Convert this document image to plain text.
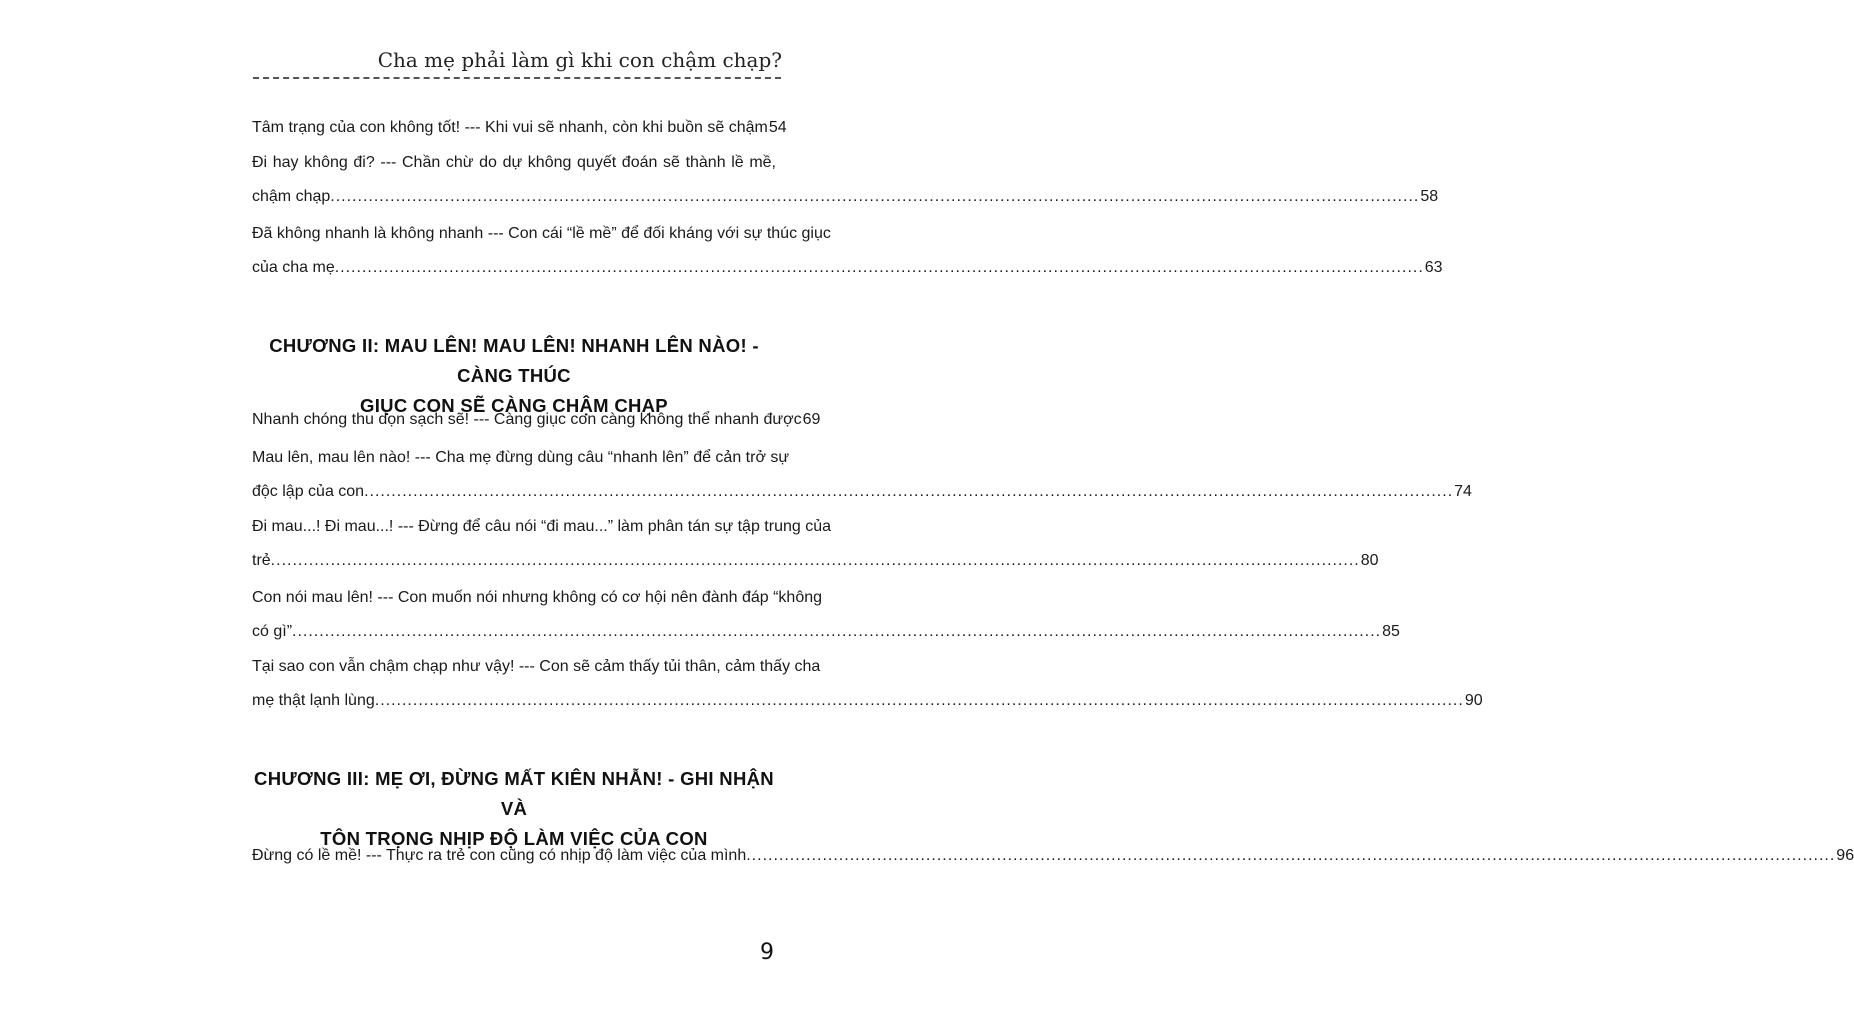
Cha mẹ phải làm gì khi con chậm chạp?
Tâm trạng của con không tốt! --- Khi vui sẽ nhanh, còn khi buồn sẽ chậm 54
Đi hay không đi? --- Chần chừ do dự không quyết đoán sẽ thành lề mề,
chậm chạp ........................................................................................................................................................................................................ 58
Đã không nhanh là không nhanh --- Con cái “lề mề” để đối kháng với sự thúc giục
của cha mẹ ........................................................................................................................................................................................................ 63
CHƯƠNG II: MAU LÊN! MAU LÊN! NHANH LÊN NÀO! - CÀNG THÚC
GIỤC CON SẼ CÀNG CHẬM CHẠP
Nhanh chóng thu dọn sạch sẽ! --- Càng giục con càng không thể nhanh được 69
Mau lên, mau lên nào! --- Cha mẹ đừng dùng câu “nhanh lên” để cản trở sự
độc lập của con ........................................................................................................................................................................................................ 74
Đi mau...! Đi mau...! --- Đừng để câu nói “đi mau...” làm phân tán sự tập trung của
trẻ ........................................................................................................................................................................................................ 80
Con nói mau lên! --- Con muốn nói nhưng không có cơ hội nên đành đáp “không
có gì” ........................................................................................................................................................................................................ 85
Tại sao con vẫn chậm chạp như vậy! --- Con sẽ cảm thấy tủi thân, cảm thấy cha
mẹ thật lạnh lùng ........................................................................................................................................................................................................ 90
CHƯƠNG III: MẸ ƠI, ĐỪNG MẤT KIÊN NHẪN! - GHI NHẬN VÀ
TÔN TRỌNG NHỊP ĐỘ LÀM VIỆC CỦA CON
Đừng có lề mề! --- Thực ra trẻ con cũng có nhịp độ làm việc của mình ........................................................................................................................................................................................................ 96
9
